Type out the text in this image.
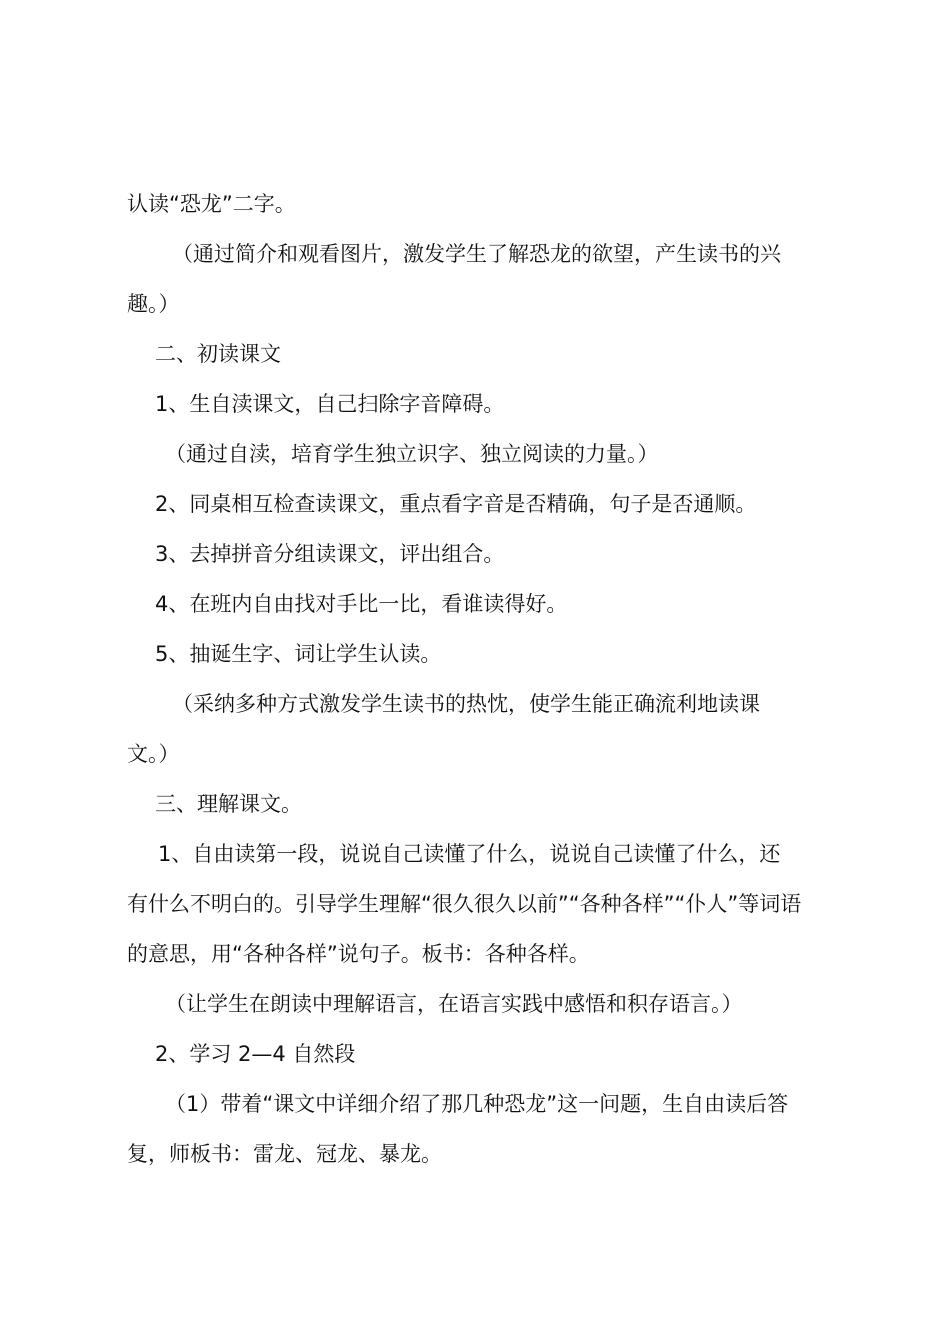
认读“恐龙”二字。
（通过简介和观看图片，激发学生了解恐龙的欲望，产生读书的兴
趣。）
二、初读课文
1、生自渎课文，自己扫除字音障碍。
（通过自渎，培育学生独立识字、独立阅读的力量。）
2、同桌相互检查读课文，重点看字音是否精确，句子是否通顺。
3、去掉拼音分组读课文，评出组合。
4、在班内自由找对手比一比，看谁读得好。
5、抽诞生字、词让学生认读。
（采纳多种方式激发学生读书的热忱，使学生能正确流利地读课
文。）
三、理解课文。
1、自由读第一段，说说自己读懂了什么，说说自己读懂了什么，还
有什么不明白的。引导学生理解“很久很久以前”“各种各样”“仆人”等词语
的意思，用“各种各样”说句子。板书：各种各样。
（让学生在朗读中理解语言，在语言实践中感悟和积存语言。）
2、学习 2—4 自然段
（1）带着“课文中详细介绍了那几种恐龙”这一问题，生自由读后答
复，师板书：雷龙、冠龙、暴龙。
